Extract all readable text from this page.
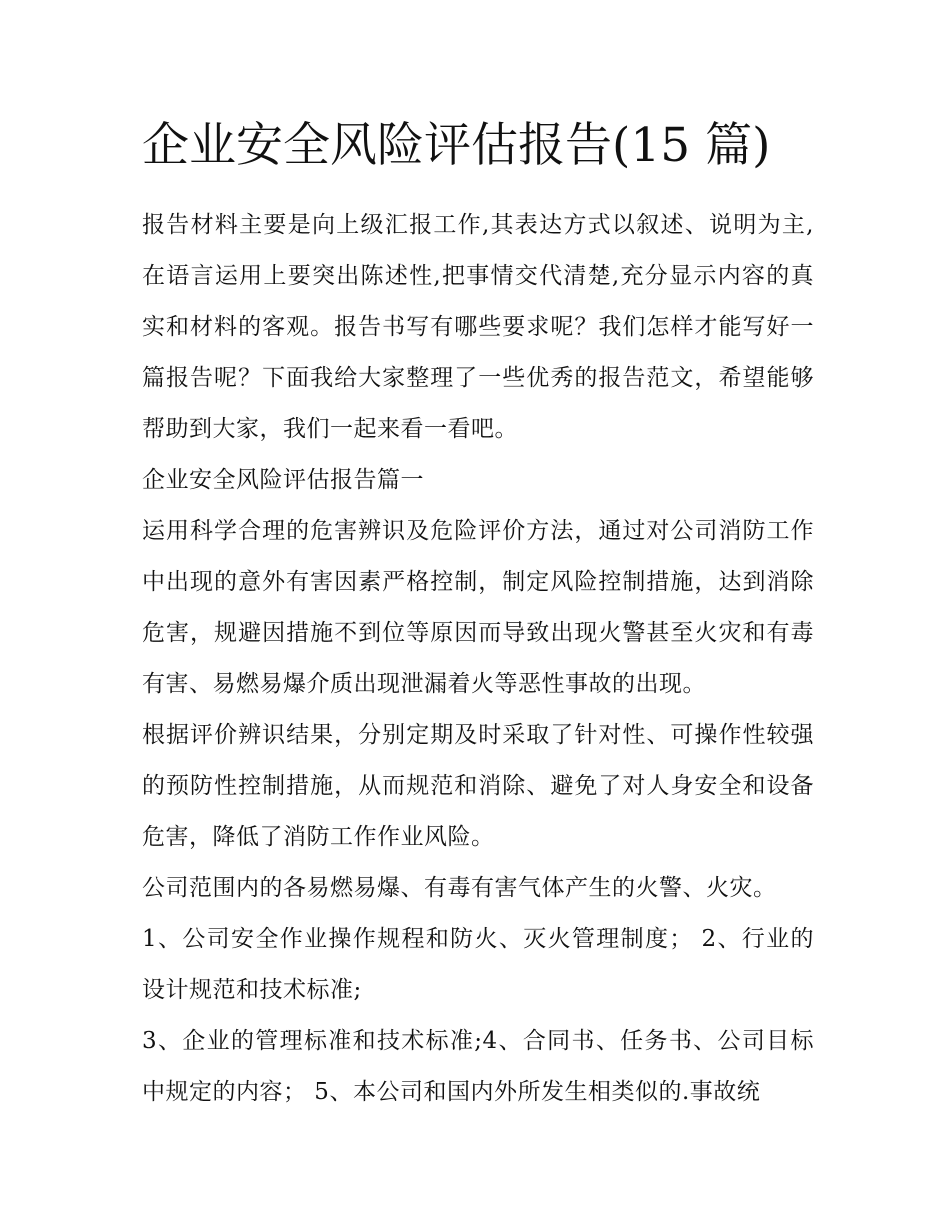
企业安全风险评估报告(15 篇)

报告材料主要是向上级汇报工作,其表达方式以叙述、说明为主,在语言运用上要突出陈述性,把事情交代清楚,充分显示内容的真实和材料的客观。报告书写有哪些要求呢？我们怎样才能写好一篇报告呢？下面我给大家整理了一些优秀的报告范文，希望能够帮助到大家，我们一起来看一看吧。

企业安全风险评估报告篇一

运用科学合理的危害辨识及危险评价方法，通过对公司消防工作中出现的意外有害因素严格控制，制定风险控制措施，达到消除危害，规避因措施不到位等原因而导致出现火警甚至火灾和有毒有害、易燃易爆介质出现泄漏着火等恶性事故的出现。

根据评价辨识结果，分别定期及时采取了针对性、可操作性较强的预防性控制措施，从而规范和消除、避免了对人身安全和设备危害，降低了消防工作作业风险。

公司范围内的各易燃易爆、有毒有害气体产生的火警、火灾。

1、公司安全作业操作规程和防火、灭火管理制度； 2、行业的设计规范和技术标准;

3、企业的管理标准和技术标准;4、合同书、任务书、公司目标中规定的内容； 5、本公司和国内外所发生相类似的.事故统
